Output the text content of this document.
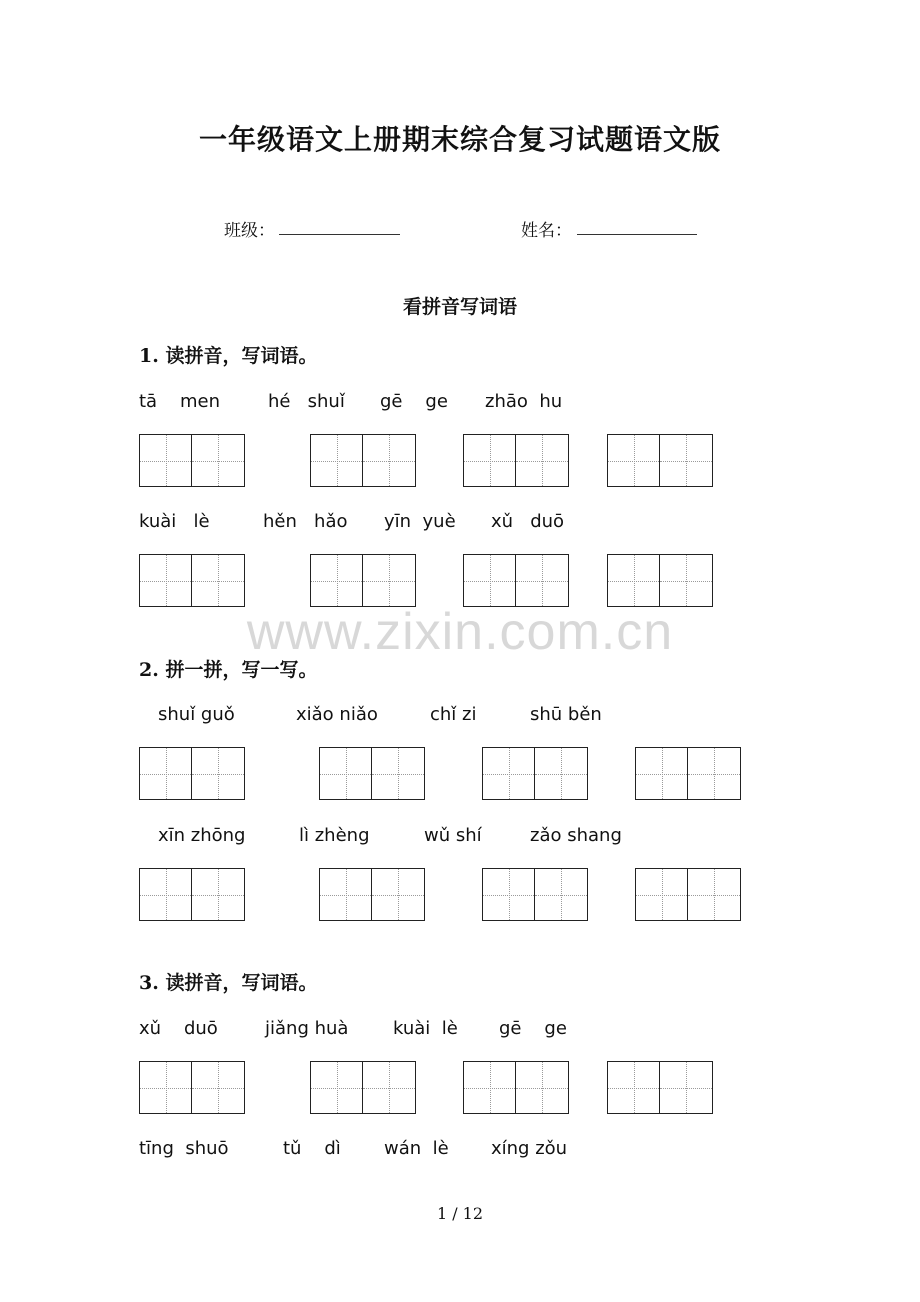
一年级语文上册期末综合复习试题语文版
班级：	姓名：
看拼音写词语
www.zixin.com.cn
1. 读拼音，写词语。
tā    men	hé   shuǐ gē    ge zhāo  hu
kuài   lè	hěn   hǎo yīn  yuè xǔ   duō
2. 拼一拼，写一写。
shuǐ guǒ	xiǎo niǎo	chǐ zi	shū běn
xīn zhōng	lì zhèng	wǔ shí	zǎo shang
3. 读拼音，写词语。
xǔ    duō	jiǎng huà kuài  lè gē    ge
tīng  shuō	tǔ    dì wán  lè xíng zǒu
1 / 12
